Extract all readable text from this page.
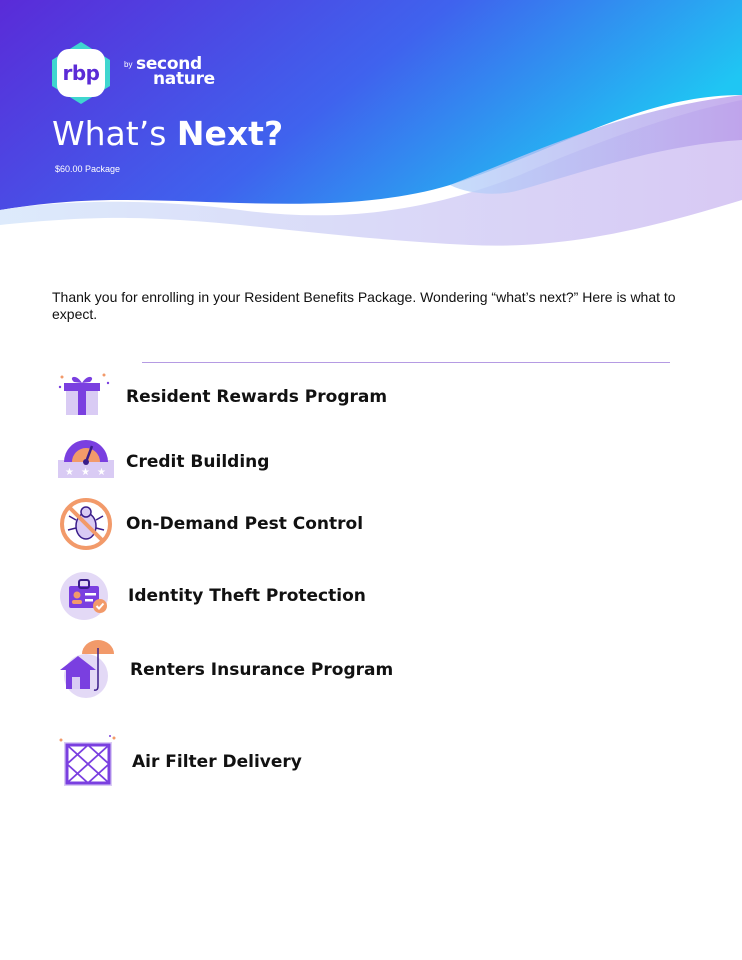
rbp	by second
nature
What’s Next?
$60.00 Package
Thank you for enrolling in your Resident Benefits Package. Wondering “what’s next?” Here is what to expect.
Resident Rewards Program
★ ★ ★
Credit Building
On-Demand Pest Control
Identity Theft Protection
Renters Insurance Program
Air Filter Delivery
